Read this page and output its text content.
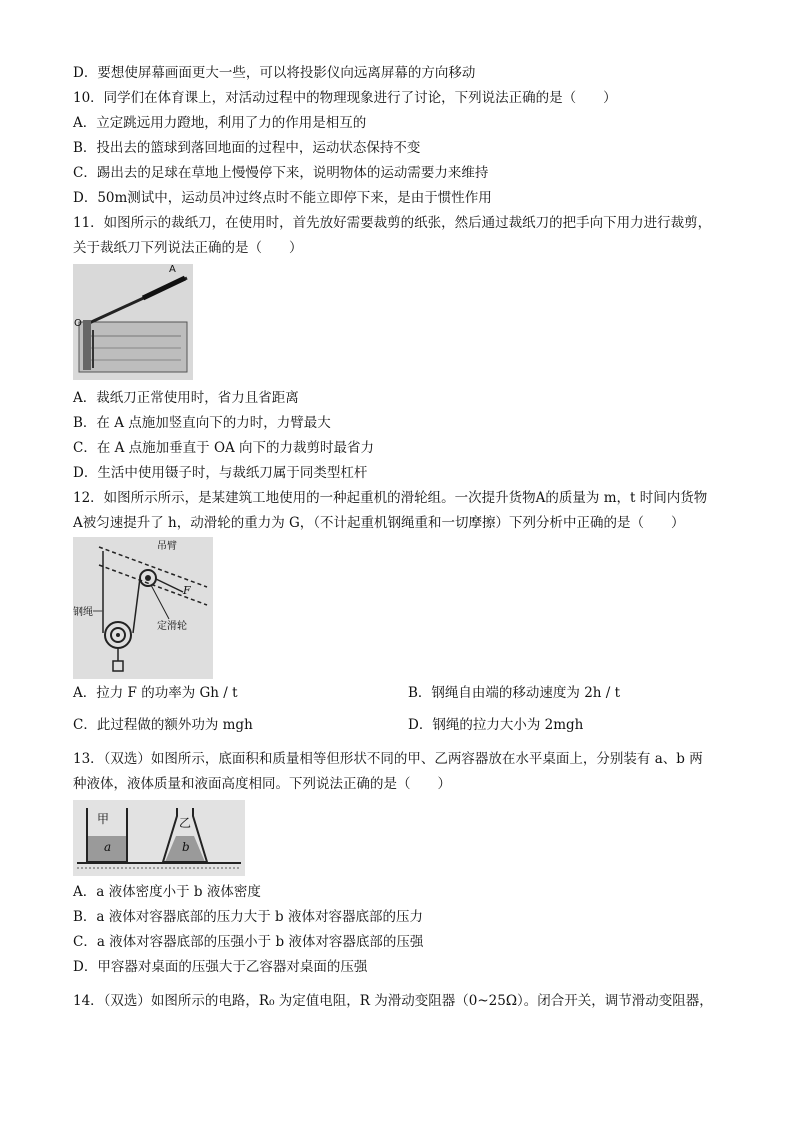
D．要想使屏幕画面更大一些，可以将投影仪向远离屏幕的方向移动
10．同学们在体育课上，对活动过程中的物理现象进行了讨论，下列说法正确的是（　　）
A．立定跳远用力蹬地，利用了力的作用是相互的
B．投出去的篮球到落回地面的过程中，运动状态保持不变
C．踢出去的足球在草地上慢慢停下来，说明物体的运动需要力来维持
D．50m测试中，运动员冲过终点时不能立即停下来，是由于惯性作用
11．如图所示的裁纸刀，在使用时，首先放好需要裁剪的纸张，然后通过裁纸刀的把手向下用力进行裁剪，
关于裁纸刀下列说法正确的是（　　）
A
O
A．裁纸刀正常使用时，省力且省距离
B．在 A 点施加竖直向下的力时，力臂最大
C．在 A 点施加垂直于 OA 向下的力裁剪时最省力
D．生活中使用镊子时，与裁纸刀属于同类型杠杆
12．如图所示所示，是某建筑工地使用的一种起重机的滑轮组。一次提升货物A的质量为 m，t 时间内货物
A被匀速提升了 h，动滑轮的重力为 G，（不计起重机钢绳重和一切摩擦）下列分析中正确的是（　　）
吊臂
钢绳
定滑轮
F
A．拉力 F 的功率为 Gh / t	B．钢绳自由端的移动速度为 2h / t
C．此过程做的额外功为 mgh	D．钢绳的拉力大小为 2mgh
13．（双选）如图所示，底面积和质量相等但形状不同的甲、乙两容器放在水平桌面上，分别装有 a、b 两
种液体，液体质量和液面高度相同。下列说法正确的是（　　）
甲	乙
a	b
A．a 液体密度小于 b 液体密度
B．a 液体对容器底部的压力大于 b 液体对容器底部的压力
C．a 液体对容器底部的压强小于 b 液体对容器底部的压强
D．甲容器对桌面的压强大于乙容器对桌面的压强
14．（双选）如图所示的电路，R₀ 为定值电阻，R 为滑动变阻器（0~25Ω）。闭合开关，调节滑动变阻器，
